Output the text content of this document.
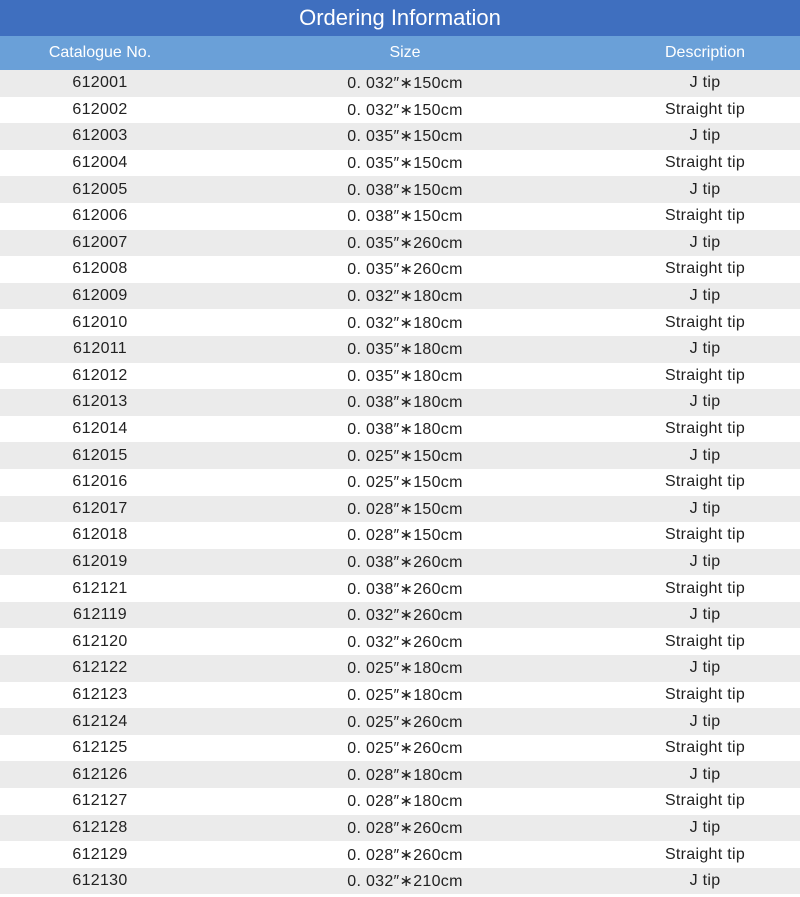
Ordering Information
Catalogue No.	Size	Description
612001	0. 032″∗150cm	J tip
612002	0. 032″∗150cm	Straight tip
612003	0. 035″∗150cm	J tip
612004	0. 035″∗150cm	Straight tip
612005	0. 038″∗150cm	J tip
612006	0. 038″∗150cm	Straight tip
612007	0. 035″∗260cm	J tip
612008	0. 035″∗260cm	Straight tip
612009	0. 032″∗180cm	J tip
612010	0. 032″∗180cm	Straight tip
612011	0. 035″∗180cm	J tip
612012	0. 035″∗180cm	Straight tip
612013	0. 038″∗180cm	J tip
612014	0. 038″∗180cm	Straight tip
612015	0. 025″∗150cm	J tip
612016	0. 025″∗150cm	Straight tip
612017	0. 028″∗150cm	J tip
612018	0. 028″∗150cm	Straight tip
612019	0. 038″∗260cm	J tip
612121	0. 038″∗260cm	Straight tip
612119	0. 032″∗260cm	J tip
612120	0. 032″∗260cm	Straight tip
612122	0. 025″∗180cm	J tip
612123	0. 025″∗180cm	Straight tip
612124	0. 025″∗260cm	J tip
612125	0. 025″∗260cm	Straight tip
612126	0. 028″∗180cm	J tip
612127	0. 028″∗180cm	Straight tip
612128	0. 028″∗260cm	J tip
612129	0. 028″∗260cm	Straight tip
612130	0. 032″∗210cm	J tip
